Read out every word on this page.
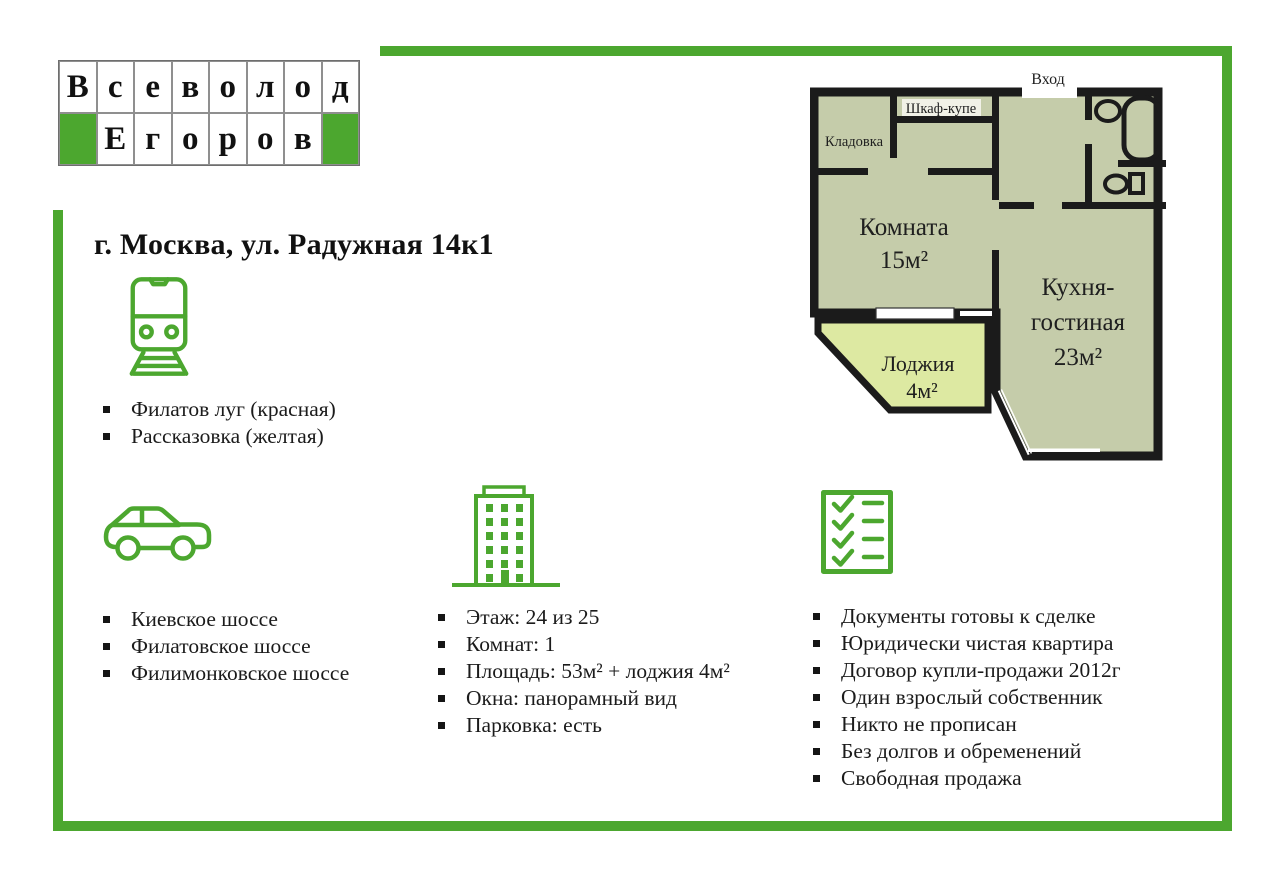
В с е в о л о д
Е г о р о в
г. Москва, ул. Радужная 14к1
Филатов луг (красная)
Рассказовка (желтая)
Киевское шоссе
Филатовское шоссе
Филимонковское шоссе
Этаж: 24 из 25
Комнат: 1
Площадь: 53м² + лоджия 4м²
Окна: панорамный вид
Парковка: есть
Документы готовы к сделке
Юридически чистая квартира
Договор купли-продажи 2012г
Один взрослый собственник
Никто не прописан
Без долгов и обременений
Свободная продажа
Вход
Шкаф-купе
Кладовка
Комната
15м²
Кухня-
гостиная
23м²
Лоджия
4м²
